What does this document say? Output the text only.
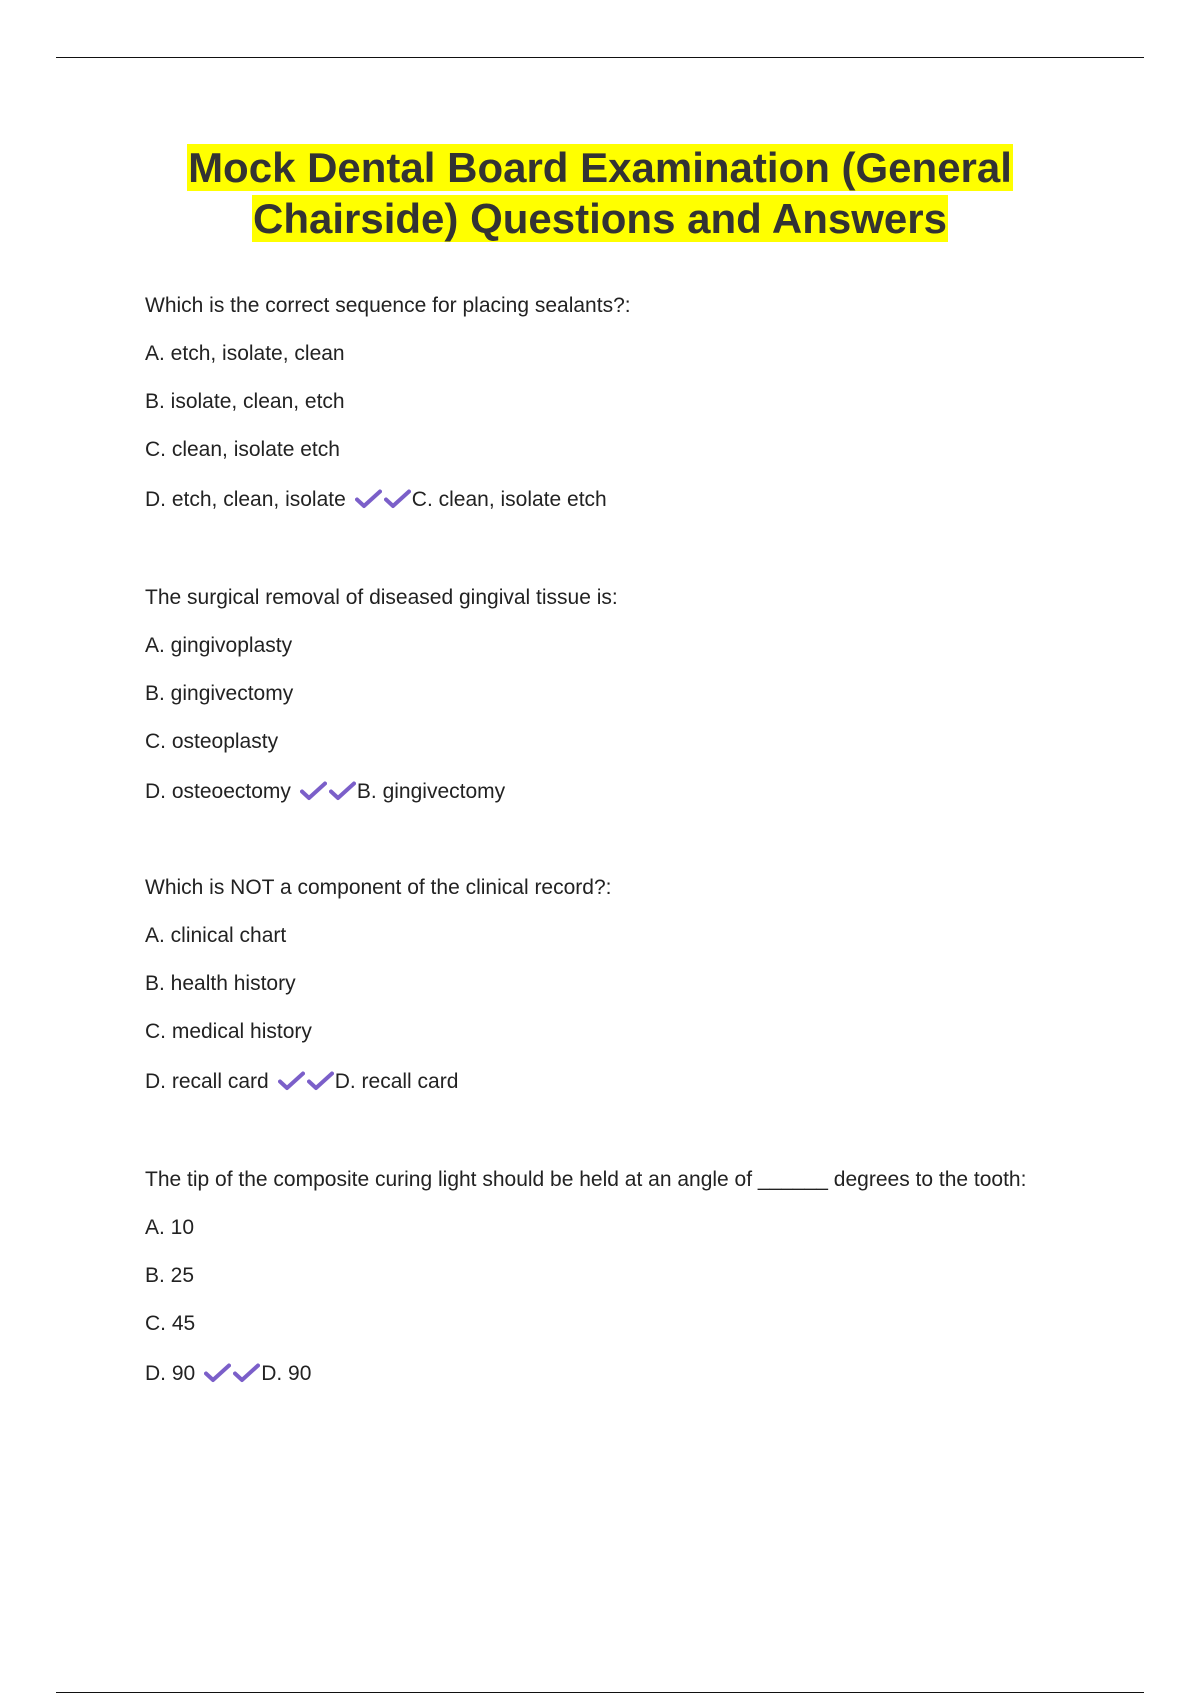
Mock Dental Board Examination (General
Chairside) Questions and Answers
Which is the correct sequence for placing sealants?:
A. etch, isolate, clean
B. isolate, clean, etch
C. clean, isolate etch
D. etch, clean, isolate	C. clean, isolate etch
The surgical removal of diseased gingival tissue is:
A. gingivoplasty
B. gingivectomy
C. osteoplasty
D. osteoectomy	B. gingivectomy
Which is NOT a component of the clinical record?:
A. clinical chart
B. health history
C. medical history
D. recall card	D. recall card
The tip of the composite curing light should be held at an angle of ______ degrees to the tooth:
A. 10
B. 25
C. 45
D. 90	D. 90
